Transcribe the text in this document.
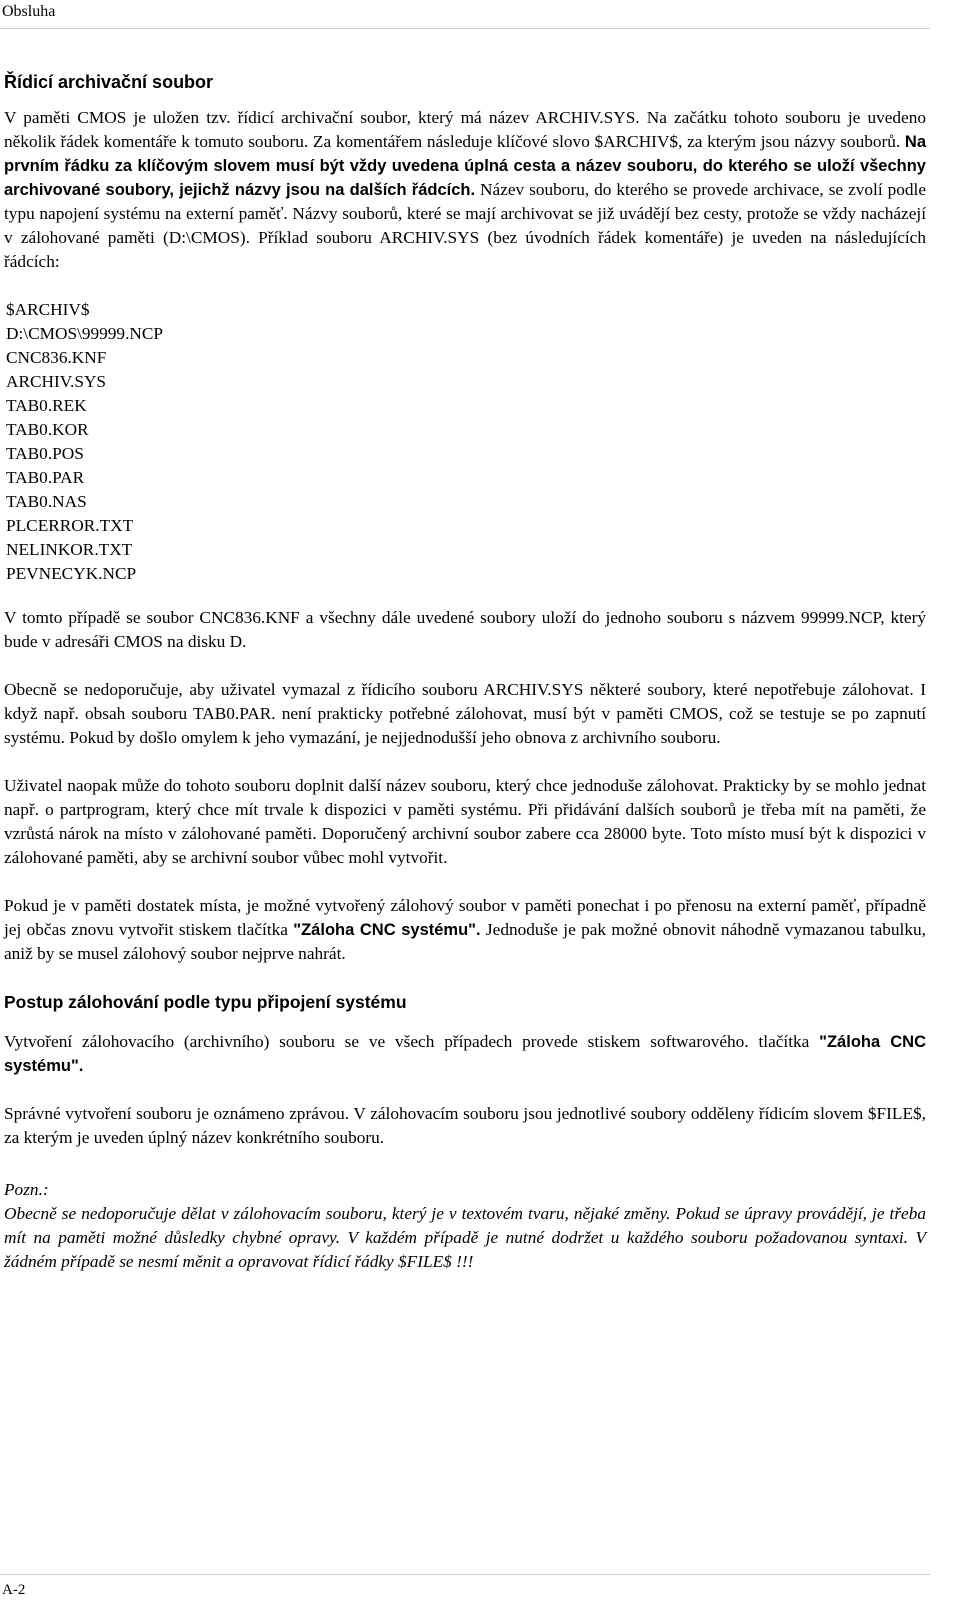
Obsluha
Řídicí archivační soubor

V paměti CMOS je uložen tzv. řídicí archivační soubor, který má název ARCHIV.SYS. Na začátku tohoto souboru je uvedeno několik řádek komentáře k tomuto souboru. Za komentářem následuje klíčové slovo $ARCHIV$, za kterým jsou názvy souborů. Na prvním řádku za klíčovým slovem musí být vždy uvedena úplná cesta a název souboru, do kterého se uloží všechny archivované soubory, jejichž názvy jsou na dalších řádcích. Název souboru, do kterého se provede archivace, se zvolí podle typu napojení systému na externí paměť. Názvy souborů, které se mají archivovat se již uvádějí bez cesty, protože se vždy nacházejí v zálohované paměti (D:\CMOS). Příklad souboru ARCHIV.SYS (bez úvodních řádek komentáře) je uveden na následujících řádcích:

$ARCHIV$
D:\CMOS\99999.NCP
CNC836.KNF
ARCHIV.SYS
TAB0.REK
TAB0.KOR
TAB0.POS
TAB0.PAR
TAB0.NAS
PLCERROR.TXT
NELINKOR.TXT
PEVNECYK.NCP

V tomto případě se soubor CNC836.KNF a všechny dále uvedené soubory uloží do jednoho souboru s názvem 99999.NCP, který bude v adresáři CMOS na disku D.

Obecně se nedoporučuje, aby uživatel vymazal z řídicího souboru ARCHIV.SYS některé soubory, které nepotřebuje zálohovat. I když např. obsah souboru TAB0.PAR. není prakticky potřebné zálohovat, musí být v paměti CMOS, což se testuje se po zapnutí systému. Pokud by došlo omylem k jeho vymazání, je nejjednodušší jeho obnova z archivního souboru.

Uživatel naopak může do tohoto souboru doplnit další název souboru, který chce jednoduše zálohovat. Prakticky by se mohlo jednat např. o partprogram, který chce mít trvale k dispozici v paměti systému. Při přidávání dalších souborů je třeba mít na paměti, že vzrůstá nárok na místo v zálohované paměti. Doporučený archivní soubor zabere cca 28000 byte. Toto místo musí být k dispozici v zálohované paměti, aby se archivní soubor vůbec mohl vytvořit.

Pokud je v paměti dostatek místa, je možné vytvořený zálohový soubor v paměti ponechat i po přenosu na externí paměť, případně jej občas znovu vytvořit stiskem tlačítka "Záloha CNC systému". Jednoduše je pak možné obnovit náhodně vymazanou tabulku, aniž by se musel zálohový soubor nejprve nahrát.

Postup zálohování podle typu připojení systému

Vytvoření zálohovacího (archivního) souboru se ve všech případech provede stiskem softwarového. tlačítka "Záloha CNC systému".

Správné vytvoření souboru je oznámeno zprávou. V zálohovacím souboru jsou jednotlivé soubory odděleny řídicím slovem $FILE$, za kterým je uveden úplný název konkrétního souboru.

Pozn.:

Obecně se nedoporučuje dělat v zálohovacím souboru, který je v textovém tvaru, nějaké změny. Pokud se úpravy provádějí, je třeba mít na paměti možné důsledky chybné opravy. V každém případě je nutné dodržet u každého souboru požadovanou syntaxi. V žádném případě se nesmí měnit a opravovat řídicí řádky $FILE$ !!!

A-2
